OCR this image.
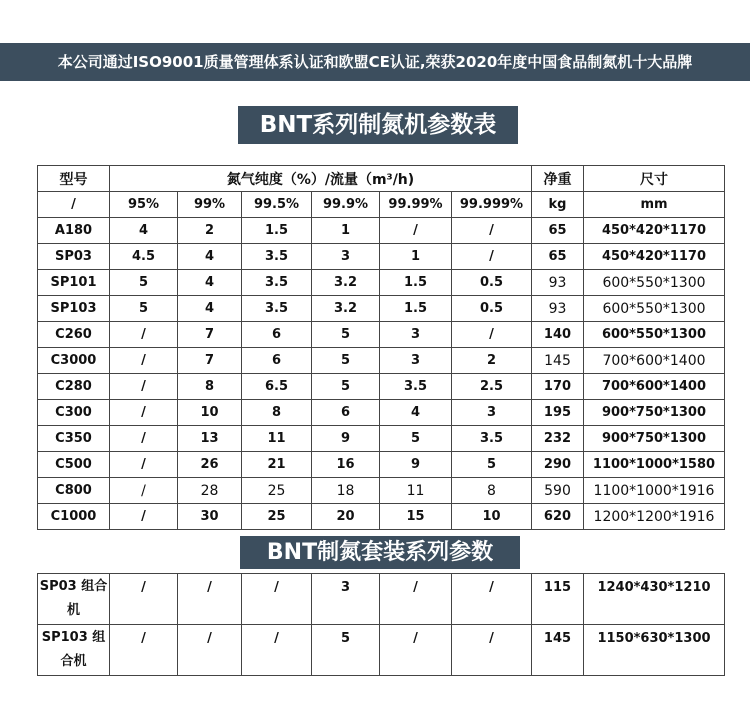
本公司通过ISO9001质量管理体系认证和欧盟CE认证,荣获2020年度中国食品制氮机十大品牌
BNT系列制氮机参数表
型号	氮气纯度（%）/流量（m³/h)						净重	尺寸
/	95%	99%	99.5%	99.9%	99.99%	99.999%	kg	mm
A180	4	2	1.5	1	/	/	65	450*420*1170
SP03	4.5	4	3.5	3	1	/	65	450*420*1170
SP101	5	4	3.5	3.2	1.5	0.5	93	600*550*1300
SP103	5	4	3.5	3.2	1.5	0.5	93	600*550*1300
C260	/	7	6	5	3	/	140	600*550*1300
C3000	/	7	6	5	3	2	145	700*600*1400
C280	/	8	6.5	5	3.5	2.5	170	700*600*1400
C300	/	10	8	6	4	3	195	900*750*1300
C350	/	13	11	9	5	3.5	232	900*750*1300
C500	/	26	21	16	9	5	290	1100*1000*1580
C800	/	28	25	18	11	8	590	1100*1000*1916
C1000	/	30	25	20	15	10	620	1200*1200*1916
BNT制氮套装系列参数
SP03 组合机	/	/	/	3	/	/	115	1240*430*1210
SP103 组合机	/	/	/	5	/	/	145	1150*630*1300
